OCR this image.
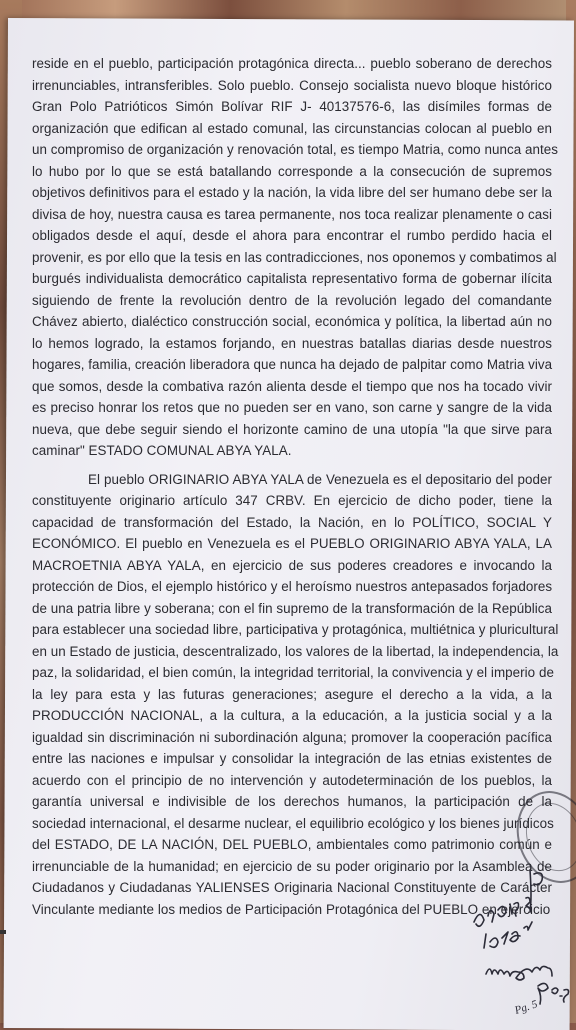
reside en el pueblo, participación protagónica directa... pueblo soberano de derechos
irrenunciables, intransferibles. Solo pueblo. Consejo socialista nuevo bloque histórico
Gran Polo Patrióticos Simón Bolívar RIF J- 40137576-6, las disímiles formas de
organización que edifican al estado comunal, las circunstancias colocan al pueblo en
un compromiso de organización y renovación total, es tiempo Matria, como nunca antes
lo hubo por lo que se está batallando corresponde a la consecución de supremos
objetivos definitivos para el estado y la nación, la vida libre del ser humano debe ser la
divisa de hoy, nuestra causa es tarea permanente, nos toca realizar plenamente o casi
obligados desde el aquí, desde el ahora para encontrar el rumbo perdido hacia el
provenir, es por ello que la tesis en las contradicciones, nos oponemos y combatimos al
burgués individualista democrático capitalista representativo forma de gobernar ilícita
siguiendo de frente la revolución dentro de la revolución legado del comandante
Chávez abierto, dialéctico construcción social, económica y política, la libertad aún no
lo hemos logrado, la estamos forjando, en nuestras batallas diarias desde nuestros
hogares, familia, creación liberadora que nunca ha dejado de palpitar como Matria viva
que somos, desde la combativa razón alienta desde el tiempo que nos ha tocado vivir
es preciso honrar los retos que no pueden ser en vano, son carne y sangre de la vida
nueva, que debe seguir siendo el horizonte camino de una utopía "la que sirve para
caminar" ESTADO COMUNAL ABYA YALA.
El pueblo ORIGINARIO ABYA YALA de Venezuela es el depositario del poder
constituyente originario artículo 347 CRBV. En ejercicio de dicho poder, tiene la
capacidad de transformación del Estado, la Nación, en lo POLÍTICO, SOCIAL Y
ECONÓMICO. El pueblo en Venezuela es el PUEBLO ORIGINARIO ABYA YALA, LA
MACROETNIA ABYA YALA, en ejercicio de sus poderes creadores e invocando la
protección de Dios, el ejemplo histórico y el heroísmo nuestros antepasados forjadores
de una patria libre y soberana; con el fin supremo de la transformación de la República
para establecer una sociedad libre, participativa y protagónica, multiétnica y pluricultural
en un Estado de justicia, descentralizado, los valores de la libertad, la independencia, la
paz, la solidaridad, el bien común, la integridad territorial, la convivencia y el imperio de
la ley para esta y las futuras generaciones; asegure el derecho a la vida, a la
PRODUCCIÓN NACIONAL, a la cultura, a la educación, a la justicia social y a la
igualdad sin discriminación ni subordinación alguna; promover la cooperación pacífica
entre las naciones e impulsar y consolidar la integración de las etnias existentes de
acuerdo con el principio de no intervención y autodeterminación de los pueblos, la
garantía universal e indivisible de los derechos humanos, la participación de la
sociedad internacional, el desarme nuclear, el equilibrio ecológico y los bienes jurídicos
del ESTADO, DE LA NACIÓN, DEL PUEBLO, ambientales como patrimonio común e
irrenunciable de la humanidad; en ejercicio de su poder originario por la Asamblea de
Ciudadanos y Ciudadanas YALIENSES Originaria Nacional Constituyente de Carácter
Vinculante mediante los medios de Participación Protagónica del PUEBLO en ejercicio
Pg. 5
